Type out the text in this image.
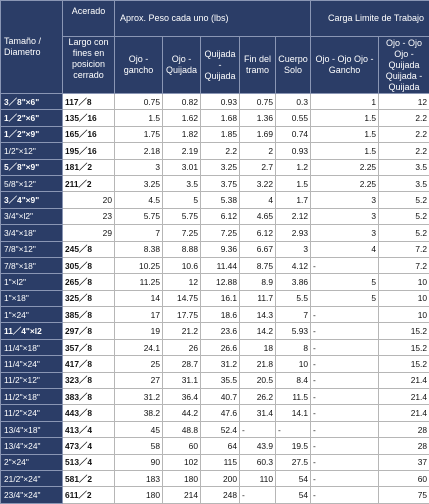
Tamaño / Diametro	Acerado	Aprox. Peso cada uno (lbs)					Carga Limite de Trabajo	
	Largo con fines en posicion cerrado	Ojo - gancho	Ojo - Quijada	Quijada - Quijada	Fin del tramo	Cuerpo Solo	Ojo - Ojo Ojo - Gancho	Ojo - Ojo Ojo - Quijada Quijada - Quijada
3／8"×6"	117／8	0.75	0.82	0.93	0.75	0.3	1	12
1／2"×6"	135／16	1.5	1.62	1.68	1.36	0.55	1.5	2.2
1／2"×9"	165／16	1.75	1.82	1.85	1.69	0.74	1.5	2.2
1/2"×12"	195／16	2.18	2.19	2.2	2	0.93	1.5	2.2
5／8"×9"	181／2	3	3.01	3.25	2.7	1.2	2.25	3.5
5/8"×12"	211／2	3.25	3.5	3.75	3.22	1.5	2.25	3.5
3／4"×9"	20	4.5	5	5.38	4	1.7	3	5.2
3/4"×l2"	23	5.75	5.75	6.12	4.65	2.12	3	5.2
3/4"×18"	29	7	7.25	7.25	6.12	2.93	3	5.2
7/8"×12"	245／8	8.38	8.88	9.36	6.67	3	4	7.2
7/8"×18"	305／8	10.25	10.6	11.44	8.75	4.12	-	7.2
1"×l2"	265／8	11.25	12	12.88	8.9	3.86	5	10
1"×18"	325／8	14	14.75	16.1	11.7	5.5	5	10
1"×24"	385／8	17	17.75	18.6	14.3	7	-	10
11／4"×l2	297／8	19	21.2	23.6	14.2	5.93	-	15.2
11/4"×18"	357／8	24.1	26	26.6	18	8	-	15.2
11/4"×24"	417／8	25	28.7	31.2	21.8	10	-	15.2
11/2"×12"	323／8	27	31.1	35.5	20.5	8.4	-	21.4
11/2"×18"	383／8	31.2	36.4	40.7	26.2	11.5	-	21.4
11/2"×24"	443／8	38.2	44.2	47.6	31.4	14.1	-	21.4
13/4"×18"	413／4	45	48.8	52.4	-	-	-	28
13/4"×24"	473／4	58	60	64	43.9	19.5	-	28
2"×24"	513／4	90	102	115	60.3	27.5	-	37
21/2"×24"	581／2	183	180	200	110	54	-	60
23/4"×24"	611／2	180	214	248	-	54	-	75
